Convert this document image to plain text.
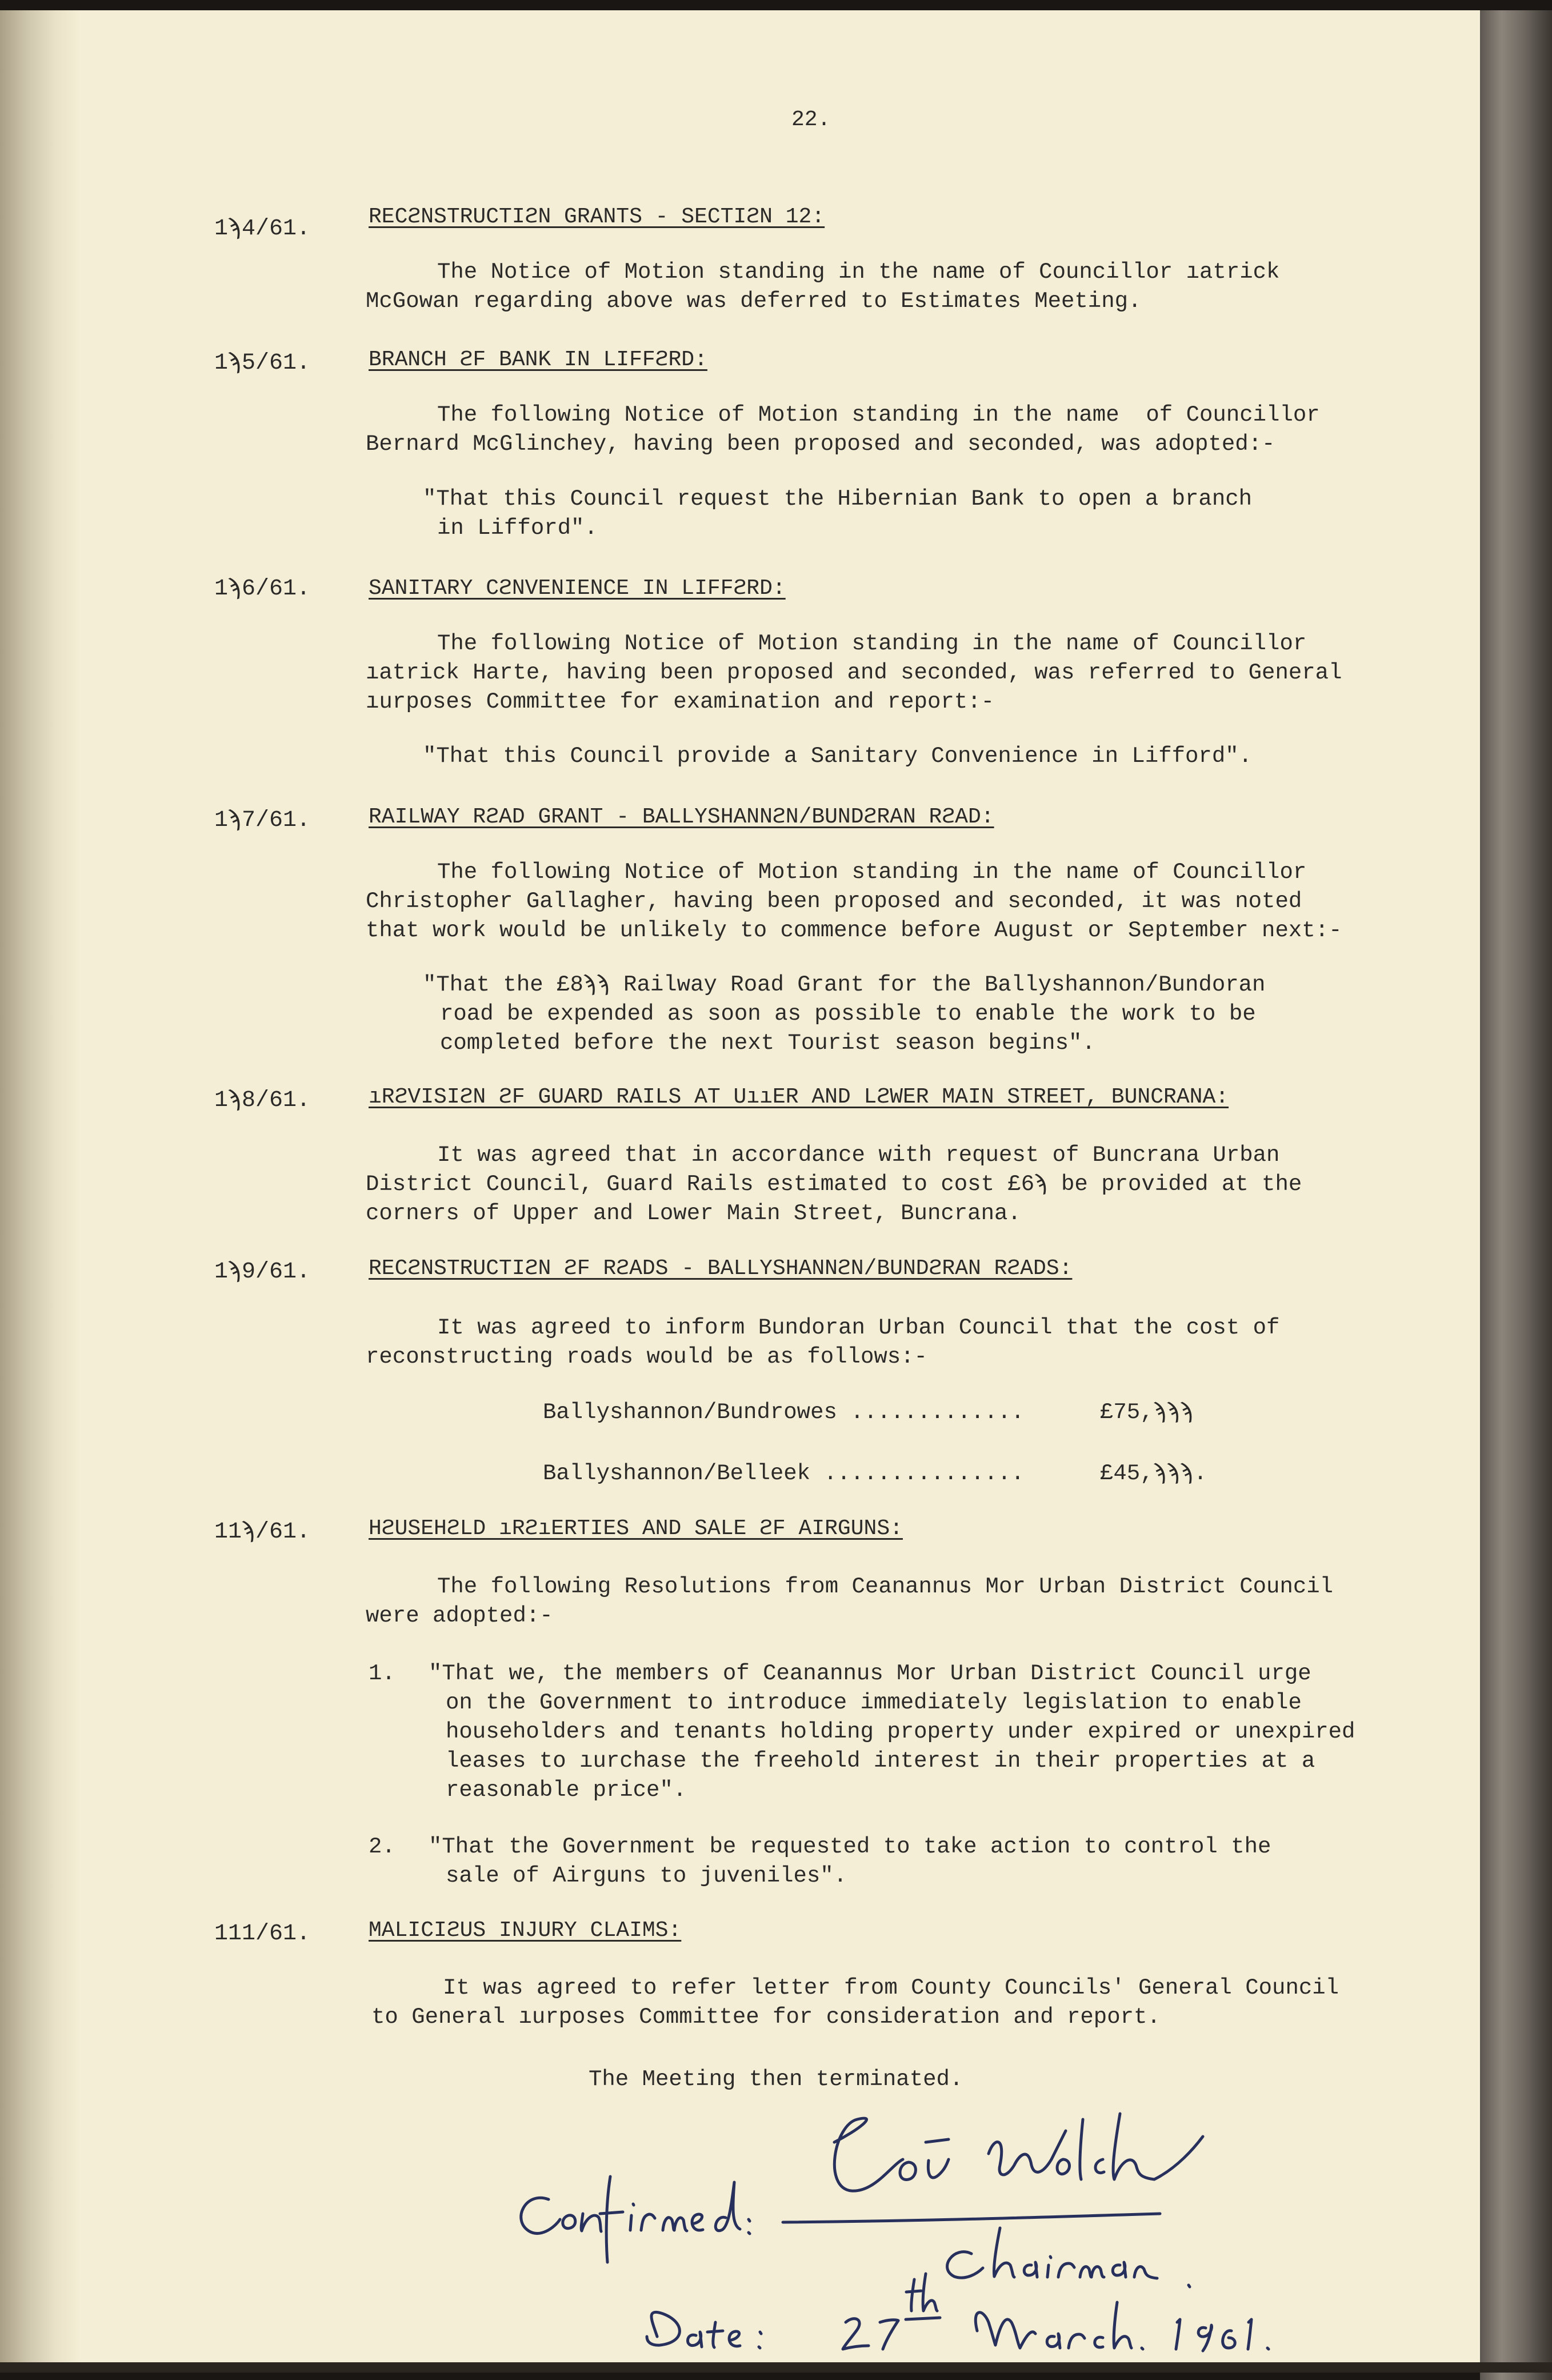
22.
1ϡ4/61.	RECϩNSTRUCTIϩN GRANTS - SECTIϩN 12:
The Notice of Motion standing in the name of Councillor ıatrick
McGowan regarding above was deferred to Estimates Meeting.
1ϡ5/61.	BRANCH ϩF BANK IN LIFFϩRD:
The following Notice of Motion standing in the name  of Councillor
Bernard McGlinchey, having been proposed and seconded, was adopted:-
"That this Council request the Hibernian Bank to open a branch
in Lifford".
1ϡ6/61.	SANITARY CϩNVENIENCE IN LIFFϩRD:
The following Notice of Motion standing in the name of Councillor
ıatrick Harte, having been proposed and seconded, was referred to General
ıurposes Committee for examination and report:-
"That this Council provide a Sanitary Convenience in Lifford".
1ϡ7/61.	RAILWAY RϩAD GRANT - BALLYSHANNϩN/BUNDϩRAN RϩAD:
The following Notice of Motion standing in the name of Councillor
Christopher Gallagher, having been proposed and seconded, it was noted
that work would be unlikely to commence before August or September next:-
"That the £8ϡϡ Railway Road Grant for the Ballyshannon/Bundoran
road be expended as soon as possible to enable the work to be
completed before the next Tourist season begins".
1ϡ8/61.	ıRϩVISIϩN ϩF GUARD RAILS AT UııER AND LϩWER MAIN STREET, BUNCRANA:
It was agreed that in accordance with request of Buncrana Urban
District Council, Guard Rails estimated to cost £6ϡ be provided at the
corners of Upper and Lower Main Street, Buncrana.
1ϡ9/61.	RECϩNSTRUCTIϩN ϩF RϩADS - BALLYSHANNϩN/BUNDϩRAN RϩADS:
It was agreed to inform Bundoran Urban Council that the cost of
reconstructing roads would be as follows:-
Ballyshannon/Bundrowes .............	£75,ϡϡϡ
Ballyshannon/Belleek ...............	£45,ϡϡϡ.
11ϡ/61.	HϩUSEHϩLD ıRϩıERTIES AND SALE ϩF AIRGUNS:
The following Resolutions from Ceanannus Mor Urban District Council
were adopted:-
1. "That we, the members of Ceanannus Mor Urban District Council urge
on the Government to introduce immediately legislation to enable
householders and tenants holding property under expired or unexpired
leases to ıurchase the freehold interest in their properties at a
reasonable price".
2. "That the Government be requested to take action to control the
sale of Airguns to juveniles".
111/61.	MALICIϩUS INJURY CLAIMS:
It was agreed to refer letter from County Councils' General Council
to General ıurposes Committee for consideration and report.
The Meeting then terminated.
